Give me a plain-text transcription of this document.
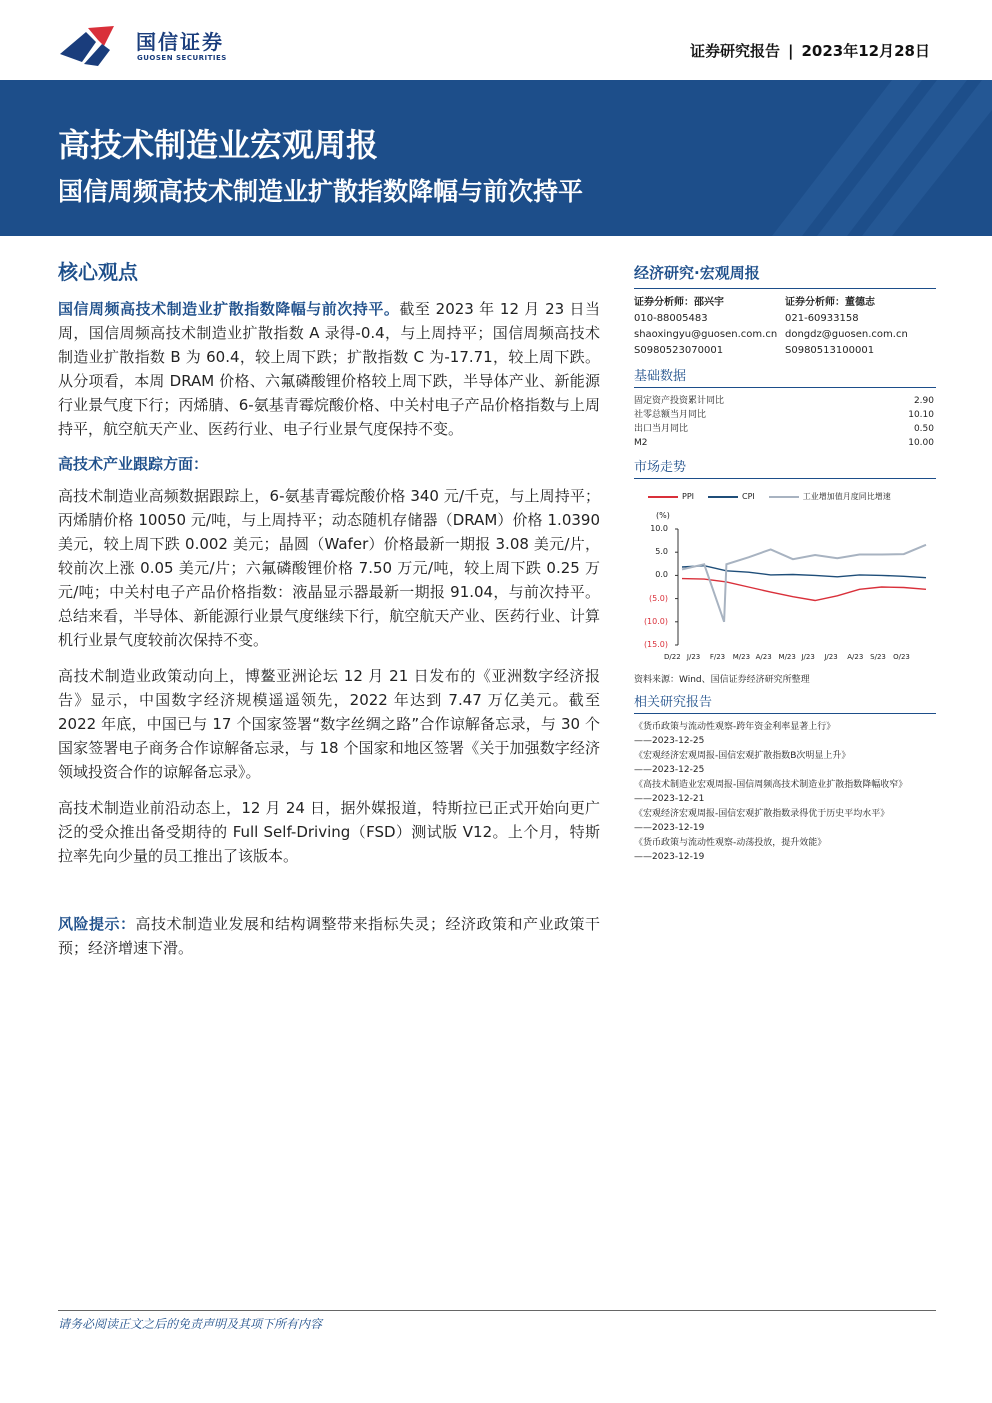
国信证券
GUOSEN SECURITIES	证券研究报告 | 2023年12月28日
高技术制造业宏观周报
国信周频高技术制造业扩散指数降幅与前次持平
核心观点

国信周频高技术制造业扩散指数降幅与前次持平。截至 2023 年 12 月 23 日当周，国信周频高技术制造业扩散指数 A 录得-0.4，与上周持平；国信周频高技术制造业扩散指数 B 为 60.4，较上周下跌；扩散指数 C 为-17.71，较上周下跌。从分项看，本周 DRAM 价格、六氟磷酸锂价格较上周下跌，半导体产业、新能源行业景气度下行；丙烯腈、6-氨基青霉烷酸价格、中关村电子产品价格指数与上周持平，航空航天产业、医药行业、电子行业景气度保持不变。

高技术产业跟踪方面：

高技术制造业高频数据跟踪上，6-氨基青霉烷酸价格 340 元/千克，与上周持平；丙烯腈价格 10050 元/吨，与上周持平；动态随机存储器（DRAM）价格 1.0390 美元，较上周下跌 0.002 美元；晶圆（Wafer）价格最新一期报 3.08 美元/片，较前次上涨 0.05 美元/片；六氟磷酸锂价格 7.50 万元/吨，较上周下跌 0.25 万元/吨；中关村电子产品价格指数：液晶显示器最新一期报 91.04，与前次持平。总结来看，半导体、新能源行业景气度继续下行，航空航天产业、医药行业、计算机行业景气度较前次保持不变。

高技术制造业政策动向上，博鳌亚洲论坛 12 月 21 日发布的《亚洲数字经济报告》显示，中国数字经济规模遥遥领先，2022 年达到 7.47 万亿美元。截至 2022 年底，中国已与 17 个国家签署“数字丝绸之路”合作谅解备忘录，与 30 个国家签署电子商务合作谅解备忘录，与 18 个国家和地区签署《关于加强数字经济领域投资合作的谅解备忘录》。

高技术制造业前沿动态上，12 月 24 日，据外媒报道，特斯拉已正式开始向更广泛的受众推出备受期待的 Full Self-Driving（FSD）测试版 V12。上个月，特斯拉率先向少量的员工推出了该版本。

风险提示：高技术制造业发展和结构调整带来指标失灵；经济政策和产业政策干预；经济增速下滑。

经济研究·宏观周报
证券分析师：邵兴宇
010-88005483
shaoxingyu@guosen.com.cn
S0980523070001
证券分析师：董德志
021-60933158
dongdz@guosen.com.cn
S0980513100001
基础数据
固定资产投资累计同比	2.90
社零总额当月同比	10.10
出口当月同比	0.50
M2	10.00
市场走势
PPI	CPI	工业增加值月度同比增速
(%)
10.0
5.0
0.0
(5.0)
(10.0)
(15.0)
D/22 J/23 F/23 M/23 A/23 M/23 J/23 J/23 A/23 S/23 O/23
资料来源：Wind、国信证券经济研究所整理
相关研究报告
《货币政策与流动性观察-跨年资金利率显著上行》
——2023-12-25
《宏观经济宏观周报-国信宏观扩散指数B次明显上升》
——2023-12-25
《高技术制造业宏观周报-国信周频高技术制造业扩散指数降幅收窄》
——2023-12-21
《宏观经济宏观周报-国信宏观扩散指数录得优于历史平均水平》
——2023-12-19
《货币政策与流动性观察-动荡投放，提升效能》
——2023-12-19
请务必阅读正文之后的免责声明及其项下所有内容
